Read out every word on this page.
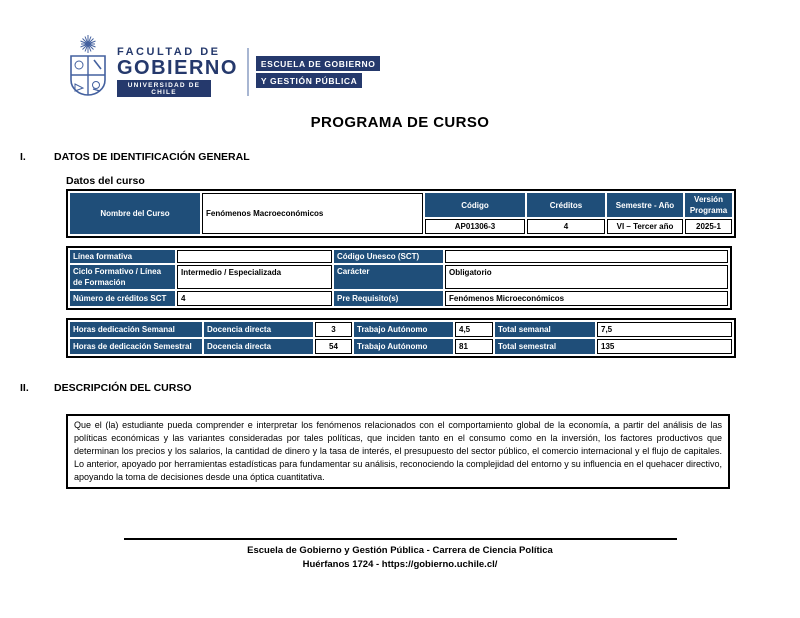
FACULTAD DE
GOBIERNO
UNIVERSIDAD DE CHILE
ESCUELA DE GOBIERNO
Y GESTIÓN PÚBLICA
PROGRAMA DE CURSO
I.	DATOS DE IDENTIFICACIÓN GENERAL
Datos del curso
Nombre del Curso	Fenómenos Macroeconómicos	Código	Créditos	Semestre - Año	Versión Programa
		AP01306-3	4	VI – Tercer año	2025-1
Línea formativa		Código Unesco (SCT)	
Ciclo Formativo / Línea de Formación	Intermedio / Especializada	Carácter	Obligatorio
Número de créditos SCT	4	Pre Requisito(s)	Fenómenos Microeconómicos
Horas dedicación Semanal	Docencia directa	3	Trabajo Autónomo	4,5	Total semanal	7,5
Horas de dedicación Semestral	Docencia directa	54	Trabajo Autónomo	81	Total semestral	135
II.	DESCRIPCIÓN DEL CURSO
Que el (la) estudiante pueda comprender e interpretar los fenómenos relacionados con el comportamiento global de la economía, a partir del análisis de las políticas económicas y las variantes consideradas por tales políticas, que inciden tanto en el consumo como en la inversión, los factores productivos que determinan los precios y los salarios, la cantidad de dinero y la tasa de interés, el presupuesto del sector público, el comercio internacional y el flujo de capitales. Lo anterior, apoyado por herramientas estadísticas para fundamentar su análisis, reconociendo la complejidad del entorno y su influencia en el quehacer directivo, apoyando la toma de decisiones desde una óptica cuantitativa.
Escuela de Gobierno y Gestión Pública - Carrera de Ciencia Política
Huérfanos 1724 - https://gobierno.uchile.cl/
